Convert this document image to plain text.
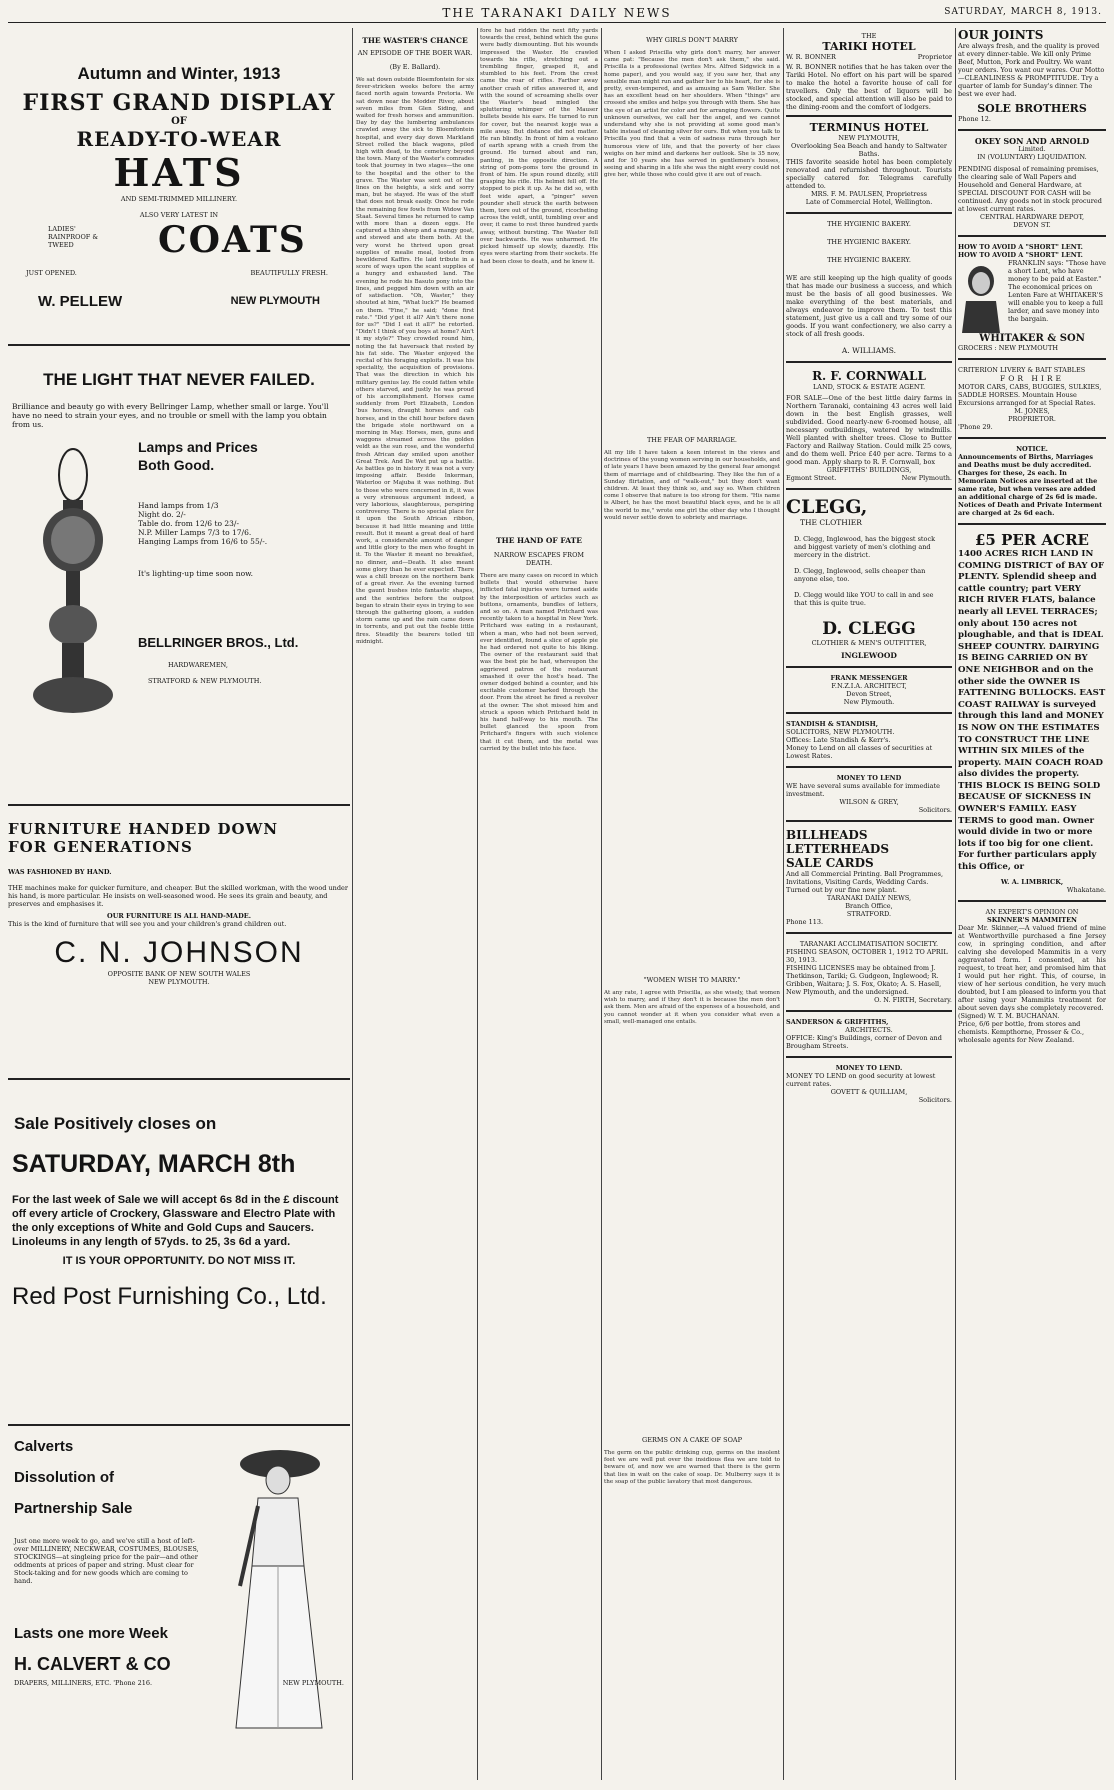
THE TARANAKI DAILY NEWS	SATURDAY, MARCH 8, 1913.
Autumn and Winter, 1913
FIRST GRAND DISPLAY
OF
READY-TO-WEAR
HATS
AND SEMI-TRIMMED MILLINERY.
ALSO VERY LATEST IN
LADIES'
RAINPROOF &
TWEED	COATS
JUST OPENED.	BEAUTIFULLY FRESH.
W. PELLEW	NEW PLYMOUTH
THE LIGHT THAT NEVER FAILED.
Brilliance and beauty go with every Bellringer Lamp, whether small or large. You'll have no need to strain your eyes, and no trouble or smell with the lamp you obtain from us.
Lamps and Prices
Both Good.
Hand lamps from 1/3
Night do. 2/-
Table do. from 12/6 to 23/-
N.P. Miller Lamps 7/3 to 17/6.
Hanging Lamps from 16/6 to 55/-.
It's lighting-up time soon now.
BELLRINGER BROS., Ltd.
HARDWAREMEN,
STRATFORD & NEW PLYMOUTH.
FURNITURE HANDED DOWN
FOR GENERATIONS
WAS FASHIONED BY HAND.
THE machines make for quicker furniture, and cheaper. But the skilled workman, with the wood under his hand, is more particular. He insists on well-seasoned wood. He sees its grain and beauty, and preserves and emphasises it.
OUR FURNITURE IS ALL HAND-MADE.
This is the kind of furniture that will see you and your children's grand children out.
C. N. JOHNSON
OPPOSITE BANK OF NEW SOUTH WALES
NEW PLYMOUTH.
Sale Positively closes on
SATURDAY, MARCH 8th
For the last week of Sale we will accept 6s 8d in the £ discount off every article of Crockery, Glassware and Electro Plate with the only exceptions of White and Gold Cups and Saucers. Linoleums in any length of 57yds. to 25, 3s 6d a yard.
IT IS YOUR OPPORTUNITY. DO NOT MISS IT.
Red Post Furnishing Co., Ltd.
Calverts
Dissolution of
Partnership Sale
Just one more week to go, and we've still a host of left-over MILLINERY, NECKWEAR, COSTUMES, BLOUSES, STOCKINGS—at singleing price for the pair—and other oddments at prices of paper and string. Must clear for Stock-taking and for new goods which are coming to hand.
Lasts one more Week
H. CALVERT & CO
DRAPERS, MILLINERS, ETC. 'Phone 216.	NEW PLYMOUTH.
THE WASTER'S CHANCE
AN EPISODE OF THE BOER WAR.
(By E. Ballard).
We sat down outside Bloemfontein for six fever-stricken weeks before the army faced north again towards Pretoria. We sat down near the Modder River, about seven miles from Glen Siding, and waited for fresh horses and ammunition. Day by day the lumbering ambulances crawled away the sick to Bloemfontein hospital, and every day down Markland Street rolled the black wagons, piled high with dead, to the cemetery beyond the town. Many of the Waster's comrades took that journey in two stages—the one to the hospital and the other to the grave. The Waster was sent out of the lines on the heights, a sick and sorry man, but he stayed. He was of the stuff that does not break easily. Once he rode the remaining few fowls from Widow Van Staat. Several times he returned to camp with more than a dozen eggs. He captured a thin sheep and a mangy goat, and stewed and ate them both. At the very worst he thrived upon great supplies of mealie meal, looted from bewildered Kaffirs. He laid tribute in a score of ways upon the scant supplies of a hungry and exhausted land. The evening he rode his Basuto pony into the lines, and pegged him down with an air of satisfaction. "Oh, Waster," they shouted at him, "What luck?" He beamed on them. "Fine," he said; "done first rate." "Did y'get it all? Ain't there none for us?" "Did I eat it all?" he retorted. "Didn't I think of you boys at home? Ain't it my style?" They crowded round him, noting the fat haversack that rested by his fat side. The Waster enjoyed the recital of his foraging exploits. It was his speciality, the acquisition of provisions. That was the direction in which his military genius lay. He could fatten while others starved, and justly he was proud of his accomplishment. Horses came suddenly from Port Elizabeth, London 'bus horses, draught horses and cab horses, and in the chill hour before dawn the brigade stole northward on a morning in May. Horses, men, guns and waggons streamed across the golden veldt as the sun rose, and the wonderful fresh African day smiled upon another Great Trek. And De Wet put up a battle. As battles go in history it was not a very imposing affair. Beside Inkerman, Waterloo or Majuba it was nothing. But to those who were concerned in it, it was a very strenuous argument indeed, a very laborious, slaughterous, perspiring controversy. There is no special place for it upon the South African ribbon, because it had little meaning and little result. But it meant a great deal of hard work, a considerable amount of danger and little glory to the men who fought in it. To the Waster it meant no breakfast, no dinner, and—Death. It also meant some glory than he ever expected. There was a chill breeze on the northern bank of a great river. As the evening turned the gaunt bushes into fantastic shapes, and the sentries before the outpost began to strain their eyes in trying to see through the gathering gloom, a sudden storm came up and the rain came down in torrents, and put out the feeble little fires. Steadily the bearers toiled till midnight.
fore he had ridden the next fifty yards towards the crest, behind which the guns were badly dismounting. But his wounds impressed the Waster. He crawled towards his rifle, stretching out a trembling finger, grasped it, and stumbled to his feet. From the crest came the roar of rifles. Farther away another crash of rifles answered it, and with the sound of screaming shells over the Waster's head mingled the spluttering whimper of the Mauser bullets beside his ears. He turned to run for cover, but the nearest kopje was a mile away. But distance did not matter. He ran blindly. In front of him a volcano of earth sprang with a crash from the ground. He turned about and ran, panting, in the opposite direction. A string of pom-poms tore the ground in front of him. He spun round dizzily, still grasping his rifle. His helmet fell off. He stopped to pick it up. As he did so, with feet wide apart, a "pinger" seven pounder shell struck the earth between them, tore out of the ground, ricocheting across the veldt, until, tumbling over and over, it came to rest three hundred yards away, without bursting. The Waster fell over backwards. He was unharmed. He picked himself up slowly, dazedly. His eyes were starting from their sockets. He had been close to death, and he knew it.
THE HAND OF FATE
NARROW ESCAPES FROM DEATH.
There are many cases on record in which bullets that would otherwise have inflicted fatal injuries were turned aside by the interposition of articles such as buttons, ornaments, bundles of letters, and so on. A man named Pritchard was recently taken to a hospital in New York. Pritchard was eating in a restaurant, when a man, who had not been served, ever identified, found a slice of apple pie he had ordered not quite to his liking. The owner of the restaurant said that was the best pie he had, whereupon the aggrieved patron of the restaurant smashed it over the host's head. The owner dodged behind a counter, and his excitable customer barked through the door. From the street he fired a revolver at the owner. The shot missed him and struck a spoon which Pritchard held in his hand half-way to his mouth. The bullet glanced the spoon from Pritchard's fingers with such violence that it cut them, and the metal was carried by the bullet into his face.
WHY GIRLS DON'T MARRY
When I asked Priscilla why girls don't marry, her answer came pat: "Because the men don't ask them," she said. Priscilla is a professional (writes Mrs. Alfred Sidgwick in a home paper), and you would say, if you saw her, that any sensible man might run and gather her to his heart, for she is pretty, even-tempered, and as amusing as Sam Weller. She has an excellent head on her shoulders. When "things" are crossed she smiles and helps you through with them. She has the eye of an artist for color and for arranging flowers. Quite unknown ourselves, we call her the angel, and we cannot understand why she is not providing at some good man's table instead of cleaning silver for ours. But when you talk to Priscilla you find that a vein of sadness runs through her humorous view of life, and that the poverty of her class weighs on her mind and darkens her outlook. She is 35 now, and for 10 years she has served in gentlemen's houses, seeing and sharing in a life she was the night every could not give her, while those who could give it are out of reach.
THE FEAR OF MARRIAGE.
All my life I have taken a keen interest in the views and doctrines of the young women serving in our households, and of late years I have been amazed by the general fear amongst them of marriage and of childbearing. They like the fun of a Sunday flirtation, and of "walk-out," but they don't want children. At least they think so, and say so. When children come I observe that nature is too strong for them. "His name is Albert, he has the most beautiful black eyes, and he is all the world to me," wrote one girl the other day who I thought would never settle down to sobriety and marriage.
"WOMEN WISH TO MARRY."
At any rate, I agree with Priscilla, as she wisely, that women wish to marry, and if they don't it is because the men don't ask them. Men are afraid of the expenses of a household, and you cannot wonder at it when you consider what even a small, well-managed one entails.
GERMS ON A CAKE OF SOAP
The germ on the public drinking cup, germs on the insolent feet we are well put over the insidious flea we are told to beware of, and now we are warned that there is the germ that lies in wait on the cake of soap. Dr. Mulberry says it is the soap of the public lavatory that most dangerous.
THE
TARIKI HOTEL
W. R. BONNER	Proprietor
W. R. BONNER notifies that he has taken over the Tariki Hotel. No effort on his part will be spared to make the hotel a favorite house of call for travellers. Only the best of liquors will be stocked, and special attention will also be paid to the dining-room and the comfort of lodgers.
TERMINUS HOTEL
NEW PLYMOUTH,
Overlooking Sea Beach and handy to Saltwater Baths.
THIS favorite seaside hotel has been completely renovated and refurnished throughout. Tourists specially catered for. Telegrams carefully attended to.
MRS. F. M. PAULSEN, Proprietress
Late of Commercial Hotel, Wellington.
THE HYGIENIC BAKERY.
THE HYGIENIC BAKERY.
THE HYGIENIC BAKERY.
WE are still keeping up the high quality of goods that has made our business a success, and which must be the basis of all good businesses. We make everything of the best materials, and always endeavor to improve them. To test this statement, just give us a call and try some of our goods. If you want confectionery, we also carry a stock of all fresh goods.
A. WILLIAMS.
R. F. CORNWALL
LAND, STOCK & ESTATE AGENT.
FOR SALE—One of the best little dairy farms in Northern Taranaki, containing 43 acres well laid down in the best English grasses, well subdivided. Good nearly-new 6-roomed house, all necessary outbuildings, watered by windmills. Well planted with shelter trees. Close to Butter Factory and Railway Station. Could milk 25 cows, and do them well. Price £40 per acre. Terms to a good man. Apply sharp to R. F. Cornwall, box
GRIFFITHS' BUILDINGS,
Egmont Street.	New Plymouth.
CLEGG,
THE CLOTHIER
D. Clegg, Inglewood, has the biggest stock and biggest variety of men's clothing and mercery in the district.
D. Clegg, Inglewood, sells cheaper than anyone else, too.
D. Clegg would like YOU to call in and see that this is quite true.
D. CLEGG
CLOTHIER & MEN'S OUTFITTER,
INGLEWOOD
FRANK MESSENGER
F.N.Z.I.A. ARCHITECT,
Devon Street,
New Plymouth.
STANDISH & STANDISH,
SOLICITORS, NEW PLYMOUTH.
Offices: Late Standish & Kerr's.
Money to Lend on all classes of securities at Lowest Rates.
MONEY TO LEND
WE have several sums available for immediate investment.
WILSON & GREY,
Solicitors.
BILLHEADS
LETTERHEADS
SALE CARDS
And all Commercial Printing. Ball Programmes, Invitations, Visiting Cards, Wedding Cards. Turned out by our fine new plant.
TARANAKI DAILY NEWS,
Branch Office,
STRATFORD.
Phone 113.
TARANAKI ACCLIMATISATION SOCIETY.
FISHING SEASON, OCTOBER 1, 1912 TO APRIL 30, 1913.
FISHING LICENSES may be obtained from J. Thetkinson, Tariki; G. Gudgeon, Inglewood; R. Gribben, Waitara; J. S. Fox, Okato; A. S. Hasell, New Plymouth, and the undersigned.
O. N. FIRTH, Secretary.
SANDERSON & GRIFFITHS,
ARCHITECTS.
OFFICE: King's Buildings, corner of Devon and Brougham Streets.
MONEY TO LEND.
MONEY TO LEND on good security at lowest current rates.
GOVETT & QUILLIAM,
Solicitors.
OUR JOINTS
Are always fresh, and the quality is proved at every dinner-table. We kill only Prime Beef, Mutton, Pork and Poultry. We want your orders. You want our wares. Our Motto—CLEANLINESS & PROMPTITUDE. Try a quarter of lamb for Sunday's dinner. The best we ever had.
SOLE BROTHERS
Phone 12.
OKEY SON AND ARNOLD
Limited.
IN (VOLUNTARY) LIQUIDATION.
PENDING disposal of remaining premises, the clearing sale of Wall Papers and Household and General Hardware, at SPECIAL DISCOUNT FOR CASH will be continued. Any goods not in stock procured at lowest current rates.
CENTRAL HARDWARE DEPOT,
DEVON ST.
HOW TO AVOID A "SHORT" LENT.
HOW TO AVOID A "SHORT" LENT.
FRANKLIN says: "Those have a short Lent, who have money to be paid at Easter." The economical prices on Lenten Fare at WHITAKER'S will enable you to keep a full larder, and save money into the bargain.
WHITAKER & SON
GROCERS : NEW PLYMOUTH
CRITERION LIVERY & BAIT STABLES
FOR HIRE
MOTOR CARS, CABS, BUGGIES, SULKIES, SADDLE HORSES. Mountain House Excursions arranged for at Special Rates.
M. JONES,
PROPRIETOR.
'Phone 29.
NOTICE.
Announcements of Births, Marriages and Deaths must be duly accredited. Charges for these, 2s each. In Memoriam Notices are inserted at the same rate, but when verses are added an additional charge of 2s 6d is made. Notices of Death and Private Interment are charged at 2s 6d each.
£5 PER ACRE
1400 ACRES RICH LAND IN COMING DISTRICT of BAY OF PLENTY. Splendid sheep and cattle country; part VERY RICH RIVER FLATS, balance nearly all LEVEL TERRACES; only about 150 acres not ploughable, and that is IDEAL SHEEP COUNTRY. DAIRYING IS BEING CARRIED ON BY ONE NEIGHBOR and on the other side the OWNER IS FATTENING BULLOCKS. EAST COAST RAILWAY is surveyed through this land and MONEY IS NOW ON THE ESTIMATES TO CONSTRUCT THE LINE WITHIN SIX MILES of the property. MAIN COACH ROAD also divides the property. THIS BLOCK IS BEING SOLD BECAUSE OF SICKNESS IN OWNER'S FAMILY. EASY TERMS to good man. Owner would divide in two or more lots if too big for one client. For further particulars apply this Office, or
W. A. LIMBRICK,
Whakatane.
AN EXPERT'S OPINION ON
SKINNER'S MAMMITEN
Dear Mr. Skinner,—A valued friend of mine at Wentworthville purchased a fine Jersey cow, in springing condition, and after calving she developed Mammitis in a very aggravated form. I consented, at his request, to treat her, and promised him that I would put her right. This, of course, in view of her serious condition, he very much doubted, but I am pleased to inform you that after using your Mammitis treatment for about seven days she completely recovered.
(Signed) W. T. M. BUCHANAN.
Price, 6/6 per bottle, from stores and chemists. Kempthorne, Prosser & Co., wholesale agents for New Zealand.
